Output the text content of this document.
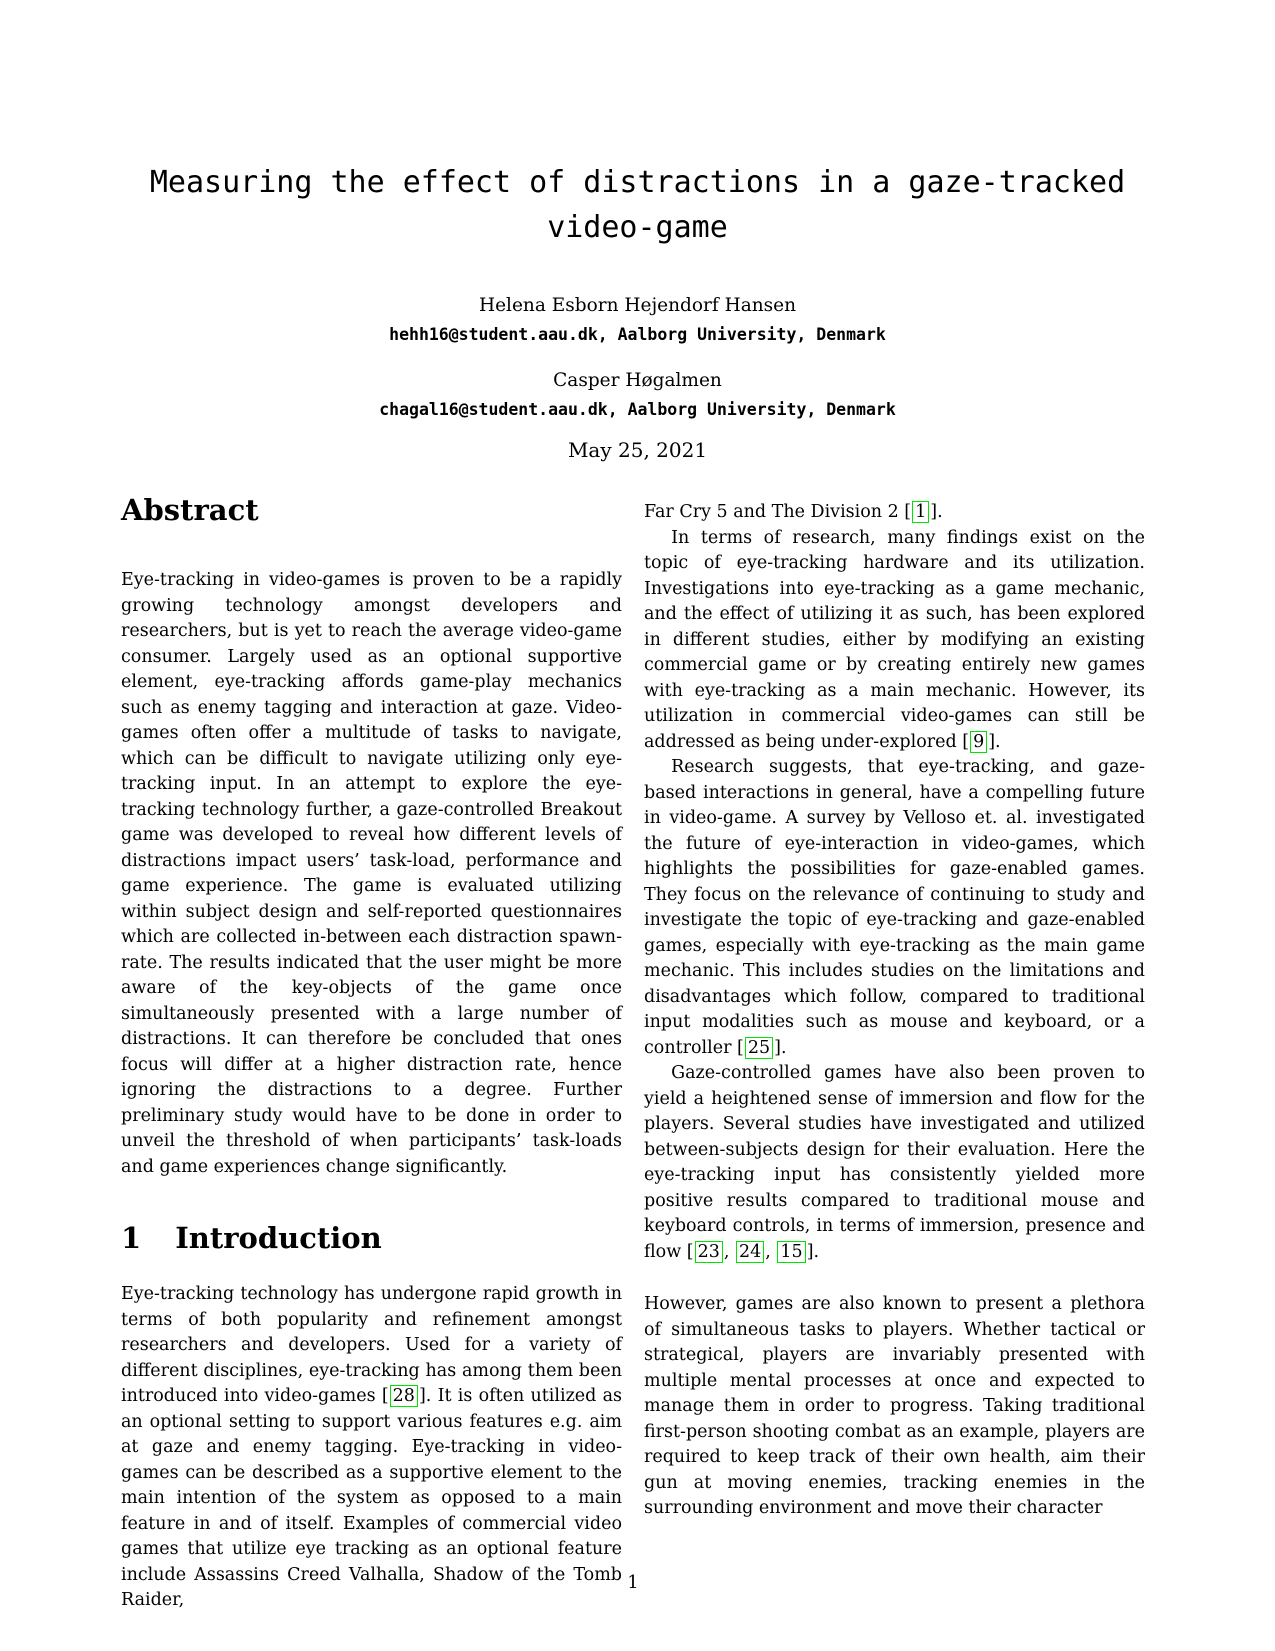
Measuring the effect of distractions in a gaze-tracked video-game
Helena Esborn Hejendorf Hansen
hehh16@student.aau.dk, Aalborg University, Denmark
Casper Høgalmen
chagal16@student.aau.dk, Aalborg University, Denmark
May 25, 2021
Abstract

Eye-tracking in video-games is proven to be a rapidly growing technology amongst developers and researchers, but is yet to reach the average video-game consumer. Largely used as an optional supportive element, eye-tracking affords game-play mechanics such as enemy tagging and interaction at gaze. Video-games often offer a multitude of tasks to navigate, which can be difficult to navigate utilizing only eye-tracking input. In an attempt to explore the eye-tracking technology further, a gaze-controlled Breakout game was developed to reveal how different levels of distractions impact users’ task-load, performance and game experience. The game is evaluated utilizing within subject design and self-reported questionnaires which are collected in-between each distraction spawn-rate. The results indicated that the user might be more aware of the key-objects of the game once simultaneously presented with a large number of distractions. It can therefore be concluded that ones focus will differ at a higher distraction rate, hence ignoring the distractions to a degree. Further preliminary study would have to be done in order to unveil the threshold of when participants’ task-loads and game experiences change significantly.

1 Introduction

Eye-tracking technology has undergone rapid growth in terms of both popularity and refinement amongst researchers and developers. Used for a variety of different disciplines, eye-tracking has among them been introduced into video-games [ 28 ]. It is often utilized as an optional setting to support various features e.g. aim at gaze and enemy tagging. Eye-tracking in video-games can be described as a supportive element to the main intention of the system as opposed to a main feature in and of itself. Examples of commercial video games that utilize eye tracking as an optional feature include Assassins Creed Valhalla, Shadow of the Tomb Raider,

Far Cry 5 and The Division 2 [ 1 ].

In terms of research, many findings exist on the topic of eye-tracking hardware and its utilization. Investigations into eye-tracking as a game mechanic, and the effect of utilizing it as such, has been explored in different studies, either by modifying an existing commercial game or by creating entirely new games with eye-tracking as a main mechanic. However, its utilization in commercial video-games can still be addressed as being under-explored [ 9 ].

Research suggests, that eye-tracking, and gaze-based interactions in general, have a compelling future in video-game. A survey by Velloso et. al. investigated the future of eye-interaction in video-games, which highlights the possibilities for gaze-enabled games. They focus on the relevance of continuing to study and investigate the topic of eye-tracking and gaze-enabled games, especially with eye-tracking as the main game mechanic. This includes studies on the limitations and disadvantages which follow, compared to traditional input modalities such as mouse and keyboard, or a controller [ 25 ].

Gaze-controlled games have also been proven to yield a heightened sense of immersion and flow for the players. Several studies have investigated and utilized between-subjects design for their evaluation. Here the eye-tracking input has consistently yielded more positive results compared to traditional mouse and keyboard controls, in terms of immersion, presence and flow [ 23 , 24 , 15 ].

However, games are also known to present a plethora of simultaneous tasks to players. Whether tactical or strategical, players are invariably presented with multiple mental processes at once and expected to manage them in order to progress. Taking traditional first-person shooting combat as an example, players are required to keep track of their own health, aim their gun at moving enemies, tracking enemies in the surrounding environment and move their character

1
